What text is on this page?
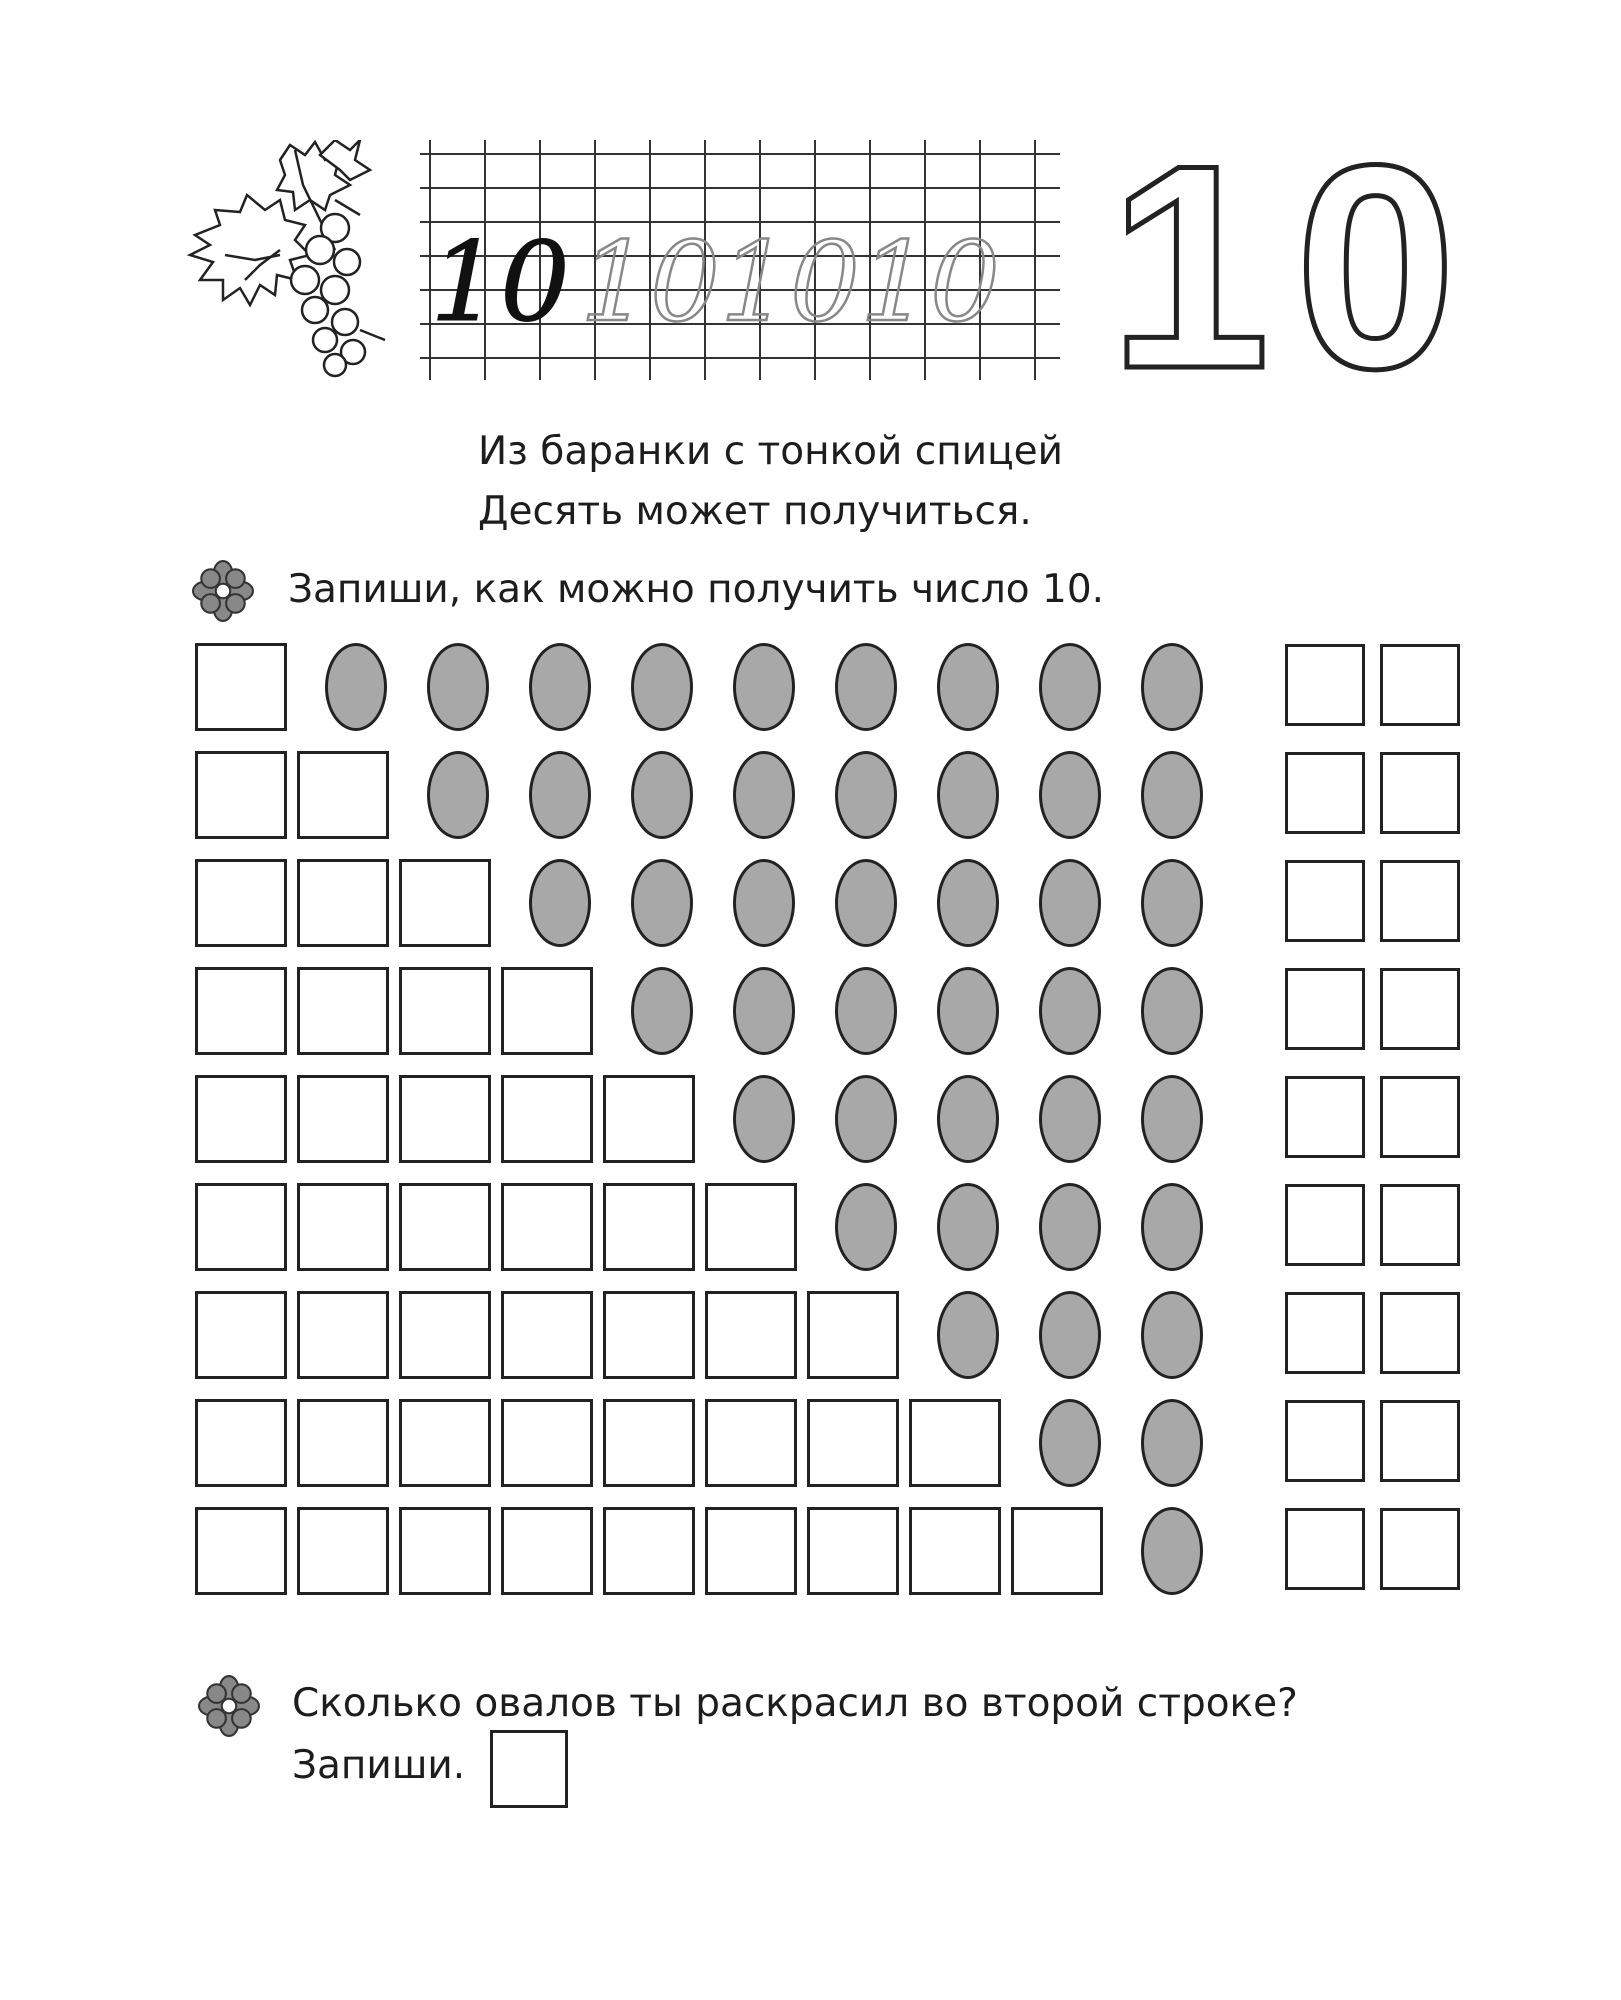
10 10 10 10 10
Из баранки с тонкой спицей
Десять может получиться.
Запиши, как можно получить число 10.
Сколько овалов ты раскрасил во второй строке?
Запиши.
